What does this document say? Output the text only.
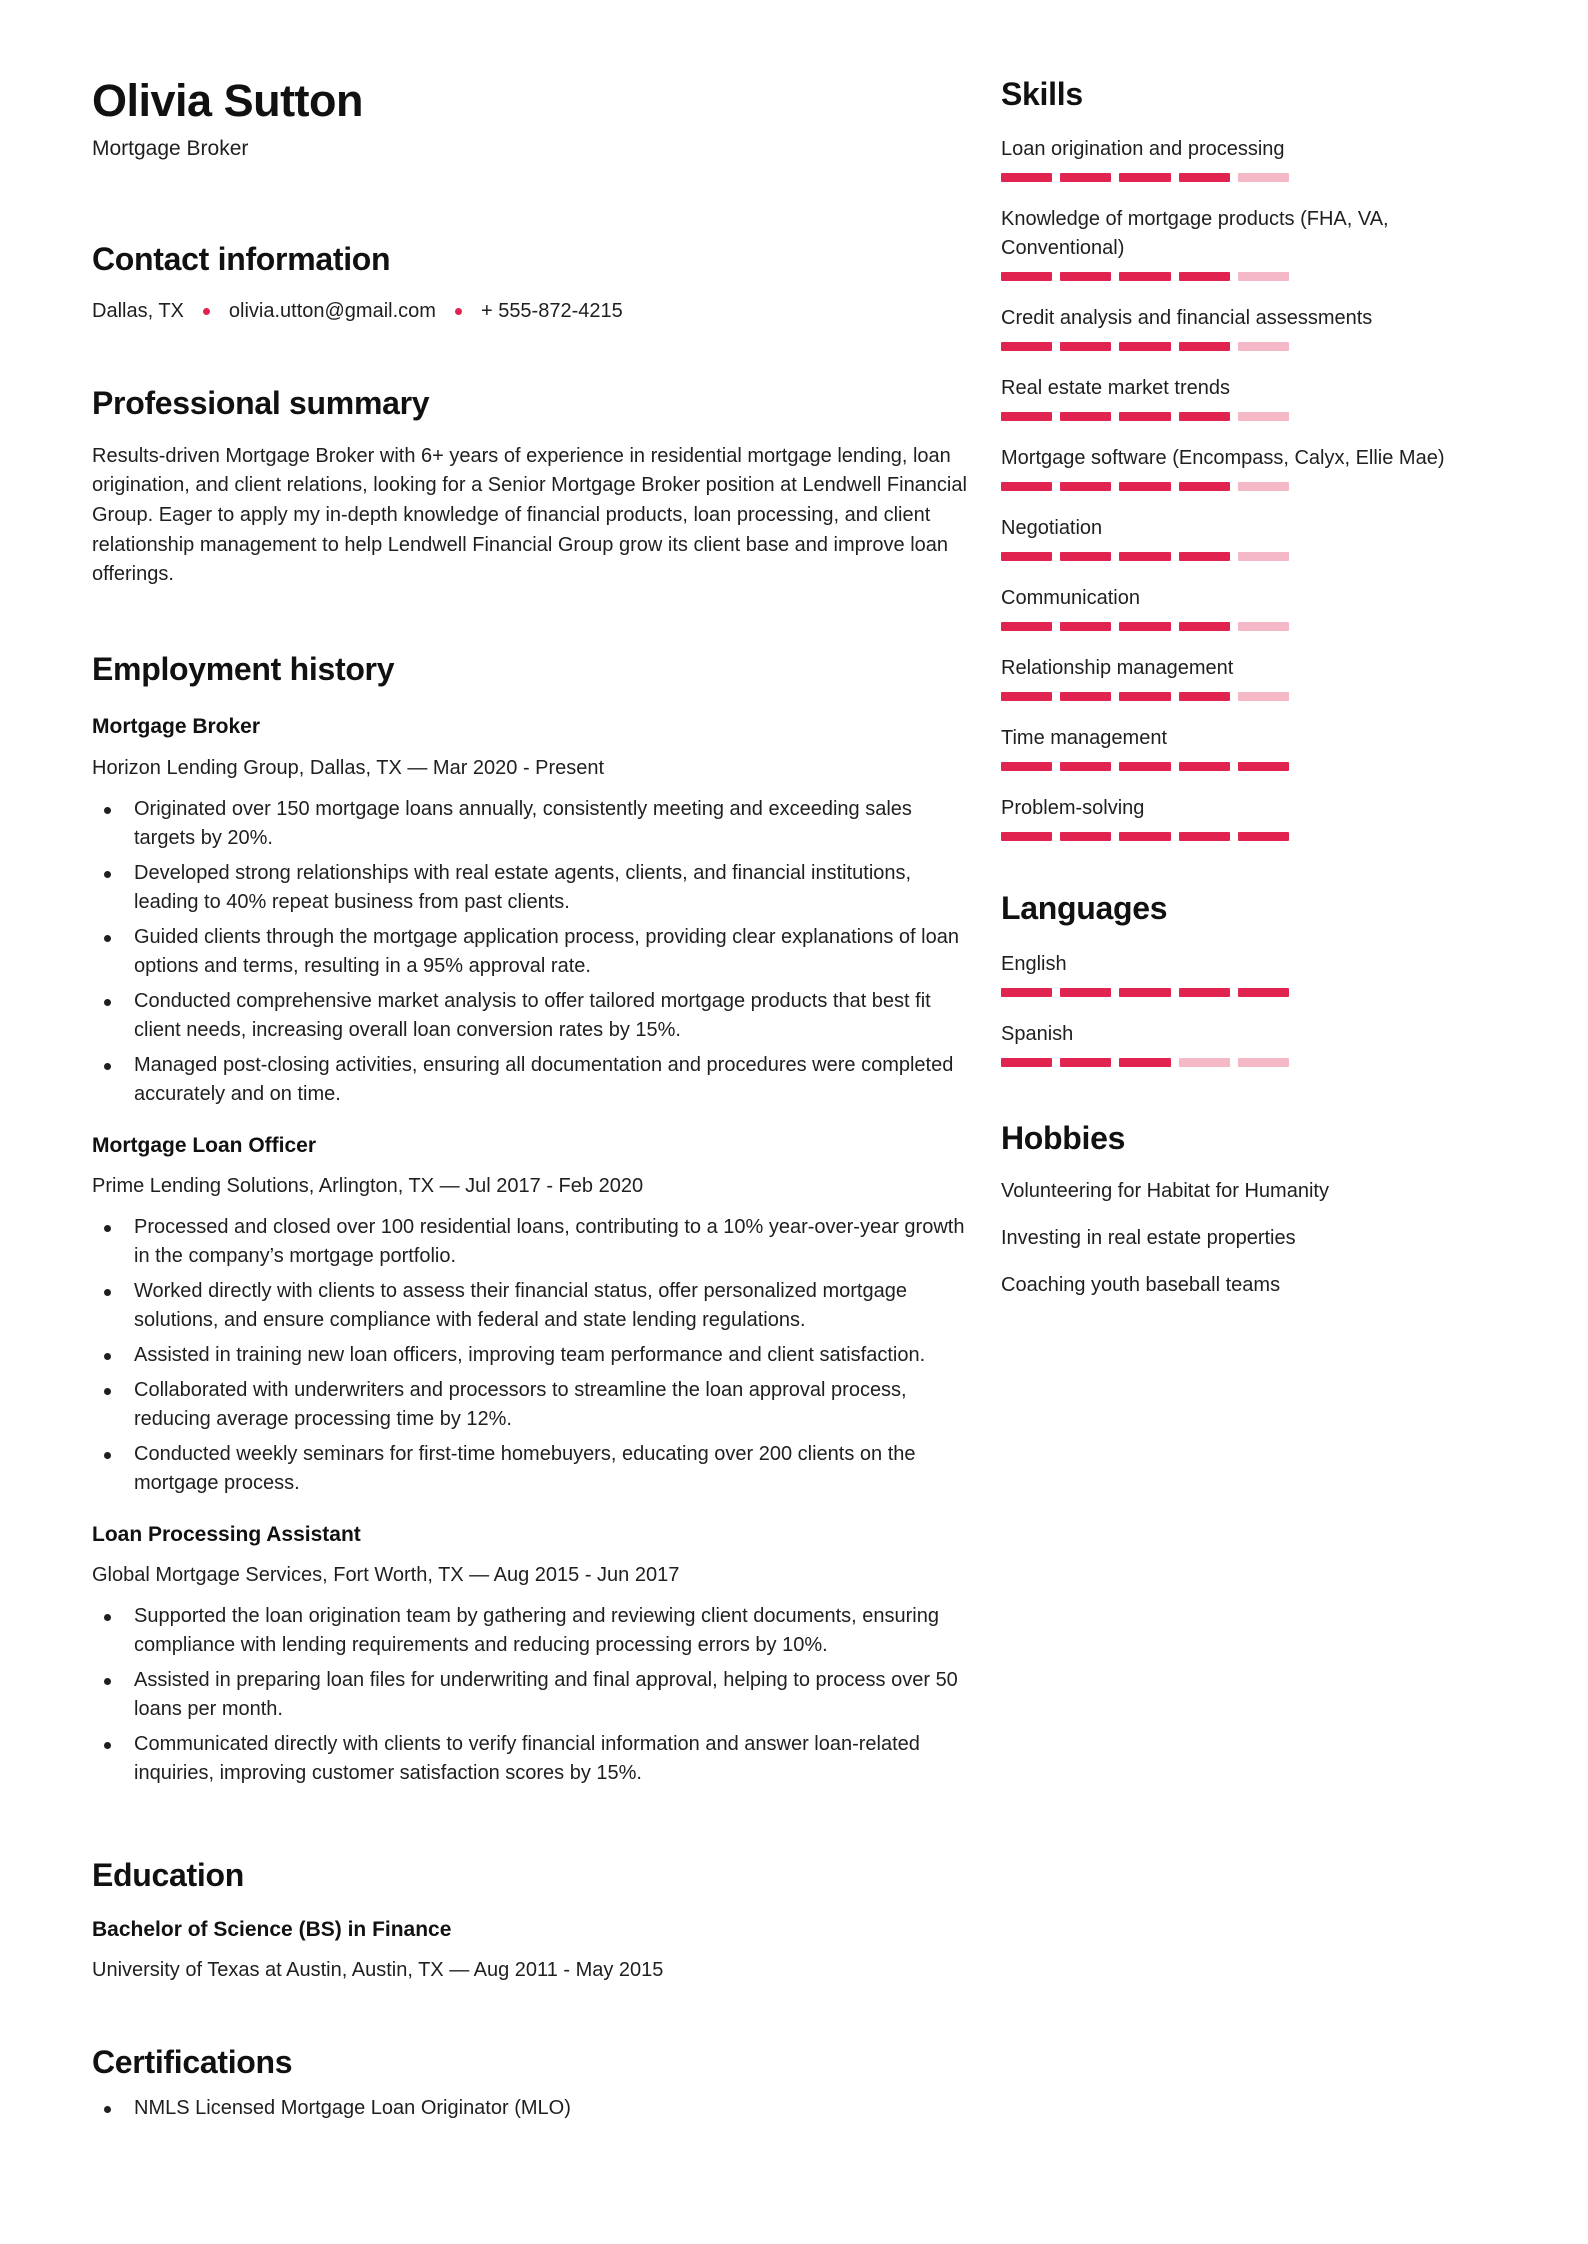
Olivia Sutton
Mortgage Broker
Contact information
Dallas, TX olivia.utton@gmail.com + 555-872-4215
Professional summary
Results-driven Mortgage Broker with 6+ years of experience in residential mortgage lending, loan origination, and client relations, looking for a Senior Mortgage Broker position at Lendwell Financial Group. Eager to apply my in-depth knowledge of financial products, loan processing, and client relationship management to help Lendwell Financial Group grow its client base and improve loan offerings.
Employment history
Mortgage Broker
Horizon Lending Group, Dallas, TX — Mar 2020 - Present
Originated over 150 mortgage loans annually, consistently meeting and exceeding sales targets by 20%.
Developed strong relationships with real estate agents, clients, and financial institutions, leading to 40% repeat business from past clients.
Guided clients through the mortgage application process, providing clear explanations of loan options and terms, resulting in a 95% approval rate.
Conducted comprehensive market analysis to offer tailored mortgage products that best fit client needs, increasing overall loan conversion rates by 15%.
Managed post-closing activities, ensuring all documentation and procedures were completed accurately and on time.
Mortgage Loan Officer
Prime Lending Solutions, Arlington, TX — Jul 2017 - Feb 2020
Processed and closed over 100 residential loans, contributing to a 10% year-over-year growth in the company’s mortgage portfolio.
Worked directly with clients to assess their financial status, offer personalized mortgage solutions, and ensure compliance with federal and state lending regulations.
Assisted in training new loan officers, improving team performance and client satisfaction.
Collaborated with underwriters and processors to streamline the loan approval process, reducing average processing time by 12%.
Conducted weekly seminars for first-time homebuyers, educating over 200 clients on the mortgage process.
Loan Processing Assistant
Global Mortgage Services, Fort Worth, TX — Aug 2015 - Jun 2017
Supported the loan origination team by gathering and reviewing client documents, ensuring compliance with lending requirements and reducing processing errors by 10%.
Assisted in preparing loan files for underwriting and final approval, helping to process over 50 loans per month.
Communicated directly with clients to verify financial information and answer loan-related inquiries, improving customer satisfaction scores by 15%.
Education
Bachelor of Science (BS) in Finance
University of Texas at Austin, Austin, TX — Aug 2011 - May 2015
Certifications
NMLS Licensed Mortgage Loan Originator (MLO)
Skills
Loan origination and processing
Knowledge of mortgage products (FHA, VA, Conventional)
Credit analysis and financial assessments
Real estate market trends
Mortgage software (Encompass, Calyx, Ellie Mae)
Negotiation
Communication
Relationship management
Time management
Problem-solving
Languages
English
Spanish
Hobbies
Volunteering for Habitat for Humanity
Investing in real estate properties
Coaching youth baseball teams
